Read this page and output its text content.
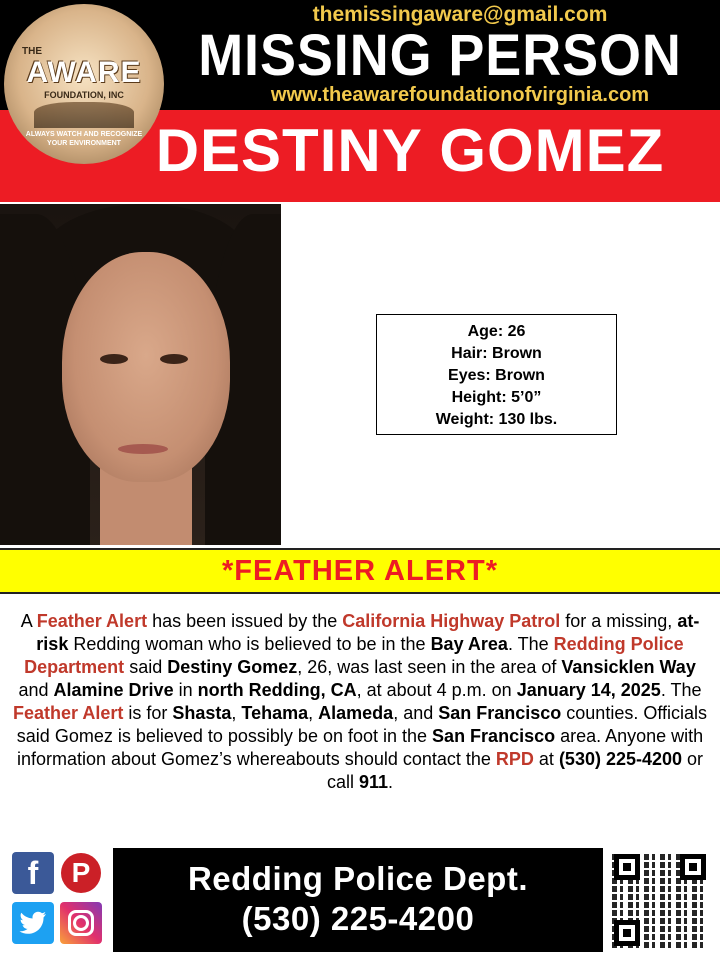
themissingaware@gmail.com
MISSING PERSON
www.theawarefoundationofvirginia.com
DESTINY GOMEZ
THE
AWARE
FOUNDATION, INC
ALWAYS WATCH AND RECOGNIZE YOUR ENVIRONMENT
Age: 26
Hair: Brown
Eyes: Brown
Height: 5’0”
Weight: 130 lbs.
*FEATHER ALERT*
A Feather Alert has been issued by the California Highway Patrol for a missing, at-risk Redding woman who is believed to be in the Bay Area. The Redding Police Department said Destiny Gomez, 26, was last seen in the area of Vansicklen Way and Alamine Drive in north Redding, CA, at about 4 p.m. on January 14, 2025. The Feather Alert is for Shasta, Tehama, Alameda, and San Francisco counties. Officials said Gomez is believed to possibly be on foot in the San Francisco area. Anyone with information about Gomez’s whereabouts should contact the RPD at (530) 225-4200 or call 911.
f	P	Redding Police Dept.
(530) 225-4200
